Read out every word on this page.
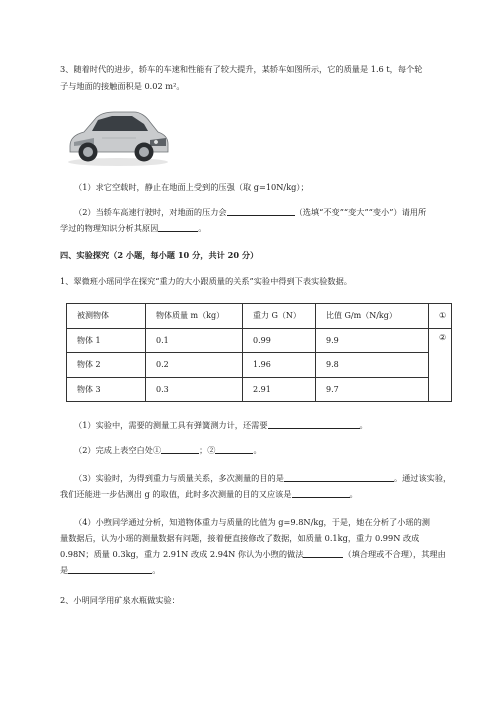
3、随着时代的进步，轿车的车速和性能有了较大提升，某轿车如图所示，它的质量是 1.6 t，每个轮
子与地面的接触面积是 0.02 m²。
（1）求它空载时，静止在地面上受到的压强（取 g=10N/kg）；
（2）当轿车高速行驶时，对地面的压力会	（选填“不变”“变大”“变小”）请用所
学过的物理知识分析其原因	。
四、实验探究（2 小题，每小题 10 分，共计 20 分）
1、翠微班小瑶同学在探究“重力的大小跟质量的关系”实验中得到下表实验数据。
被测物体	物体质量 m（kg）	重力 G（N）	比值 G/m（N/kg）	①
物体 1	0.1	0.99	9.9	②
物体 2	0.2	1.96	9.8	
物体 3	0.3	2.91	9.7	
（1）实验中，需要的测量工具有弹簧测力计，还需要	。
（2）完成上表空白处①	；②	。
（3）实验时，为得到重力与质量关系，多次测量的目的是	。通过该实验，
我们还能进一步估测出 g 的取值，此时多次测量的目的又应该是	。
（4）小煦同学通过分析，知道物体重力与质量的比值为 g=9.8N/kg，于是，她在分析了小瑶的测
量数据后，认为小瑶的测量数据有问题，接着便直接修改了数据，如质量 0.1kg，重力 0.99N 改成
0.98N；质量 0.3kg，重力 2.91N 改成 2.94N 你认为小煦的做法	（填合理或不合理），其理由
是	。
2、小明同学用矿泉水瓶做实验：
